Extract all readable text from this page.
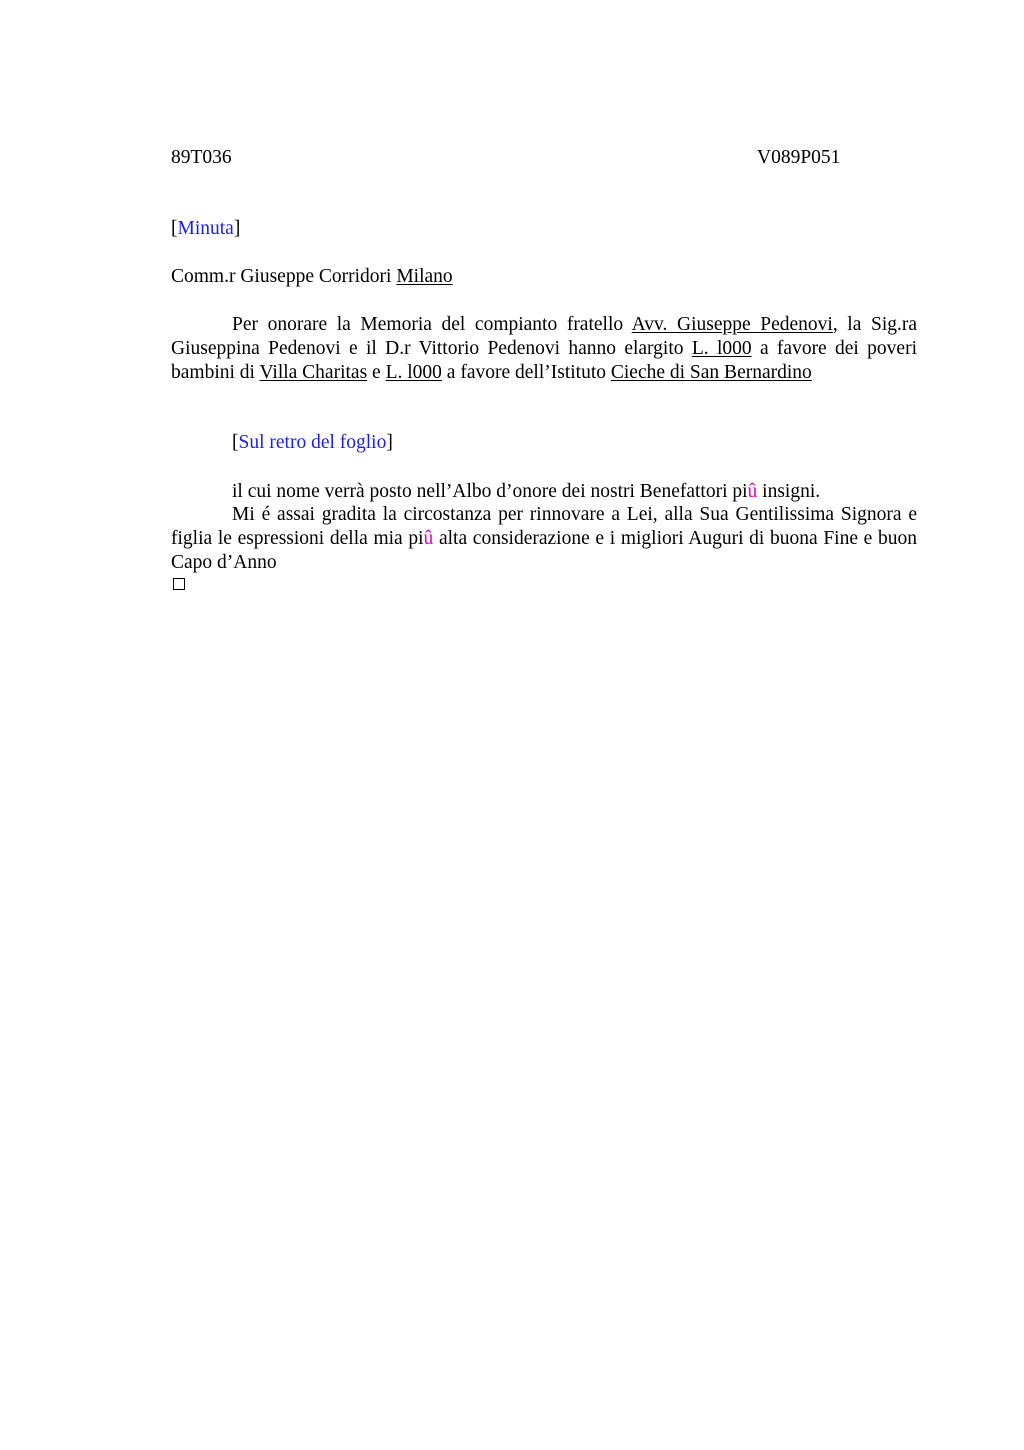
89T036	V089P051
[Minuta]
Comm.r Giuseppe Corridori Milano
Per onorare la Memoria del compianto fratello Avv. Giuseppe Pedenovi, la Sig.ra Giuseppina Pedenovi e il D.r Vittorio Pedenovi hanno elargito L. l000 a favore dei poveri bambini di Villa Charitas e L. l000 a favore dell’Istituto Cieche di San Bernardino
[Sul retro del foglio]
il cui nome verrà posto nell’Albo d’onore dei nostri Benefattori piû insigni.
Mi é assai gradita la circostanza per rinnovare a Lei, alla Sua Gentilissima Signora e figlia le espressioni della mia piû alta considerazione e i migliori Auguri di buona Fine e buon Capo d’Anno
